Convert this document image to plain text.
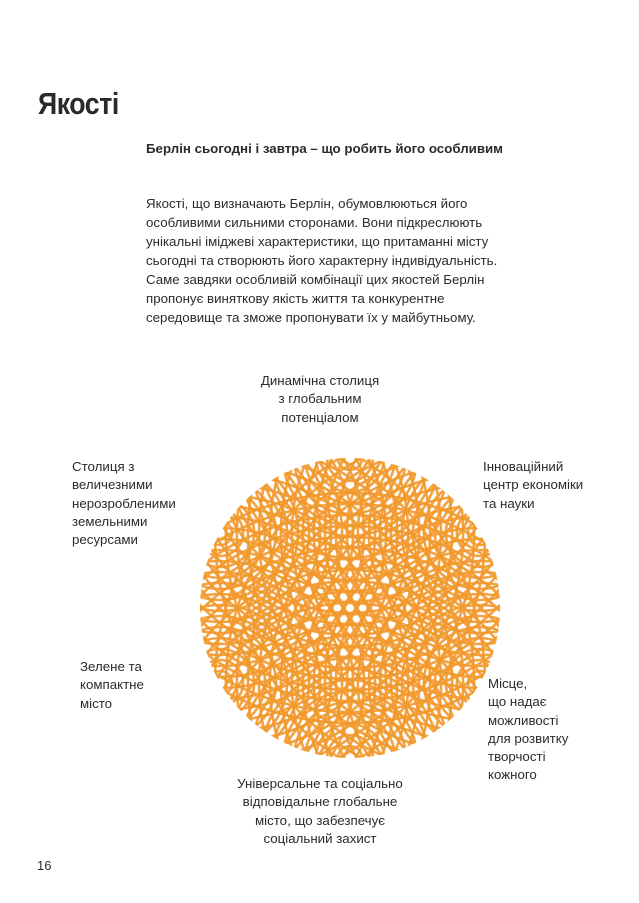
Якості
Берлін сьогодні і завтра – що робить його особливим
Якості, що визначають Берлін, обумовлюються його
особливими сильними сторонами. Вони підкреслюють
унікальні іміджеві характеристики, що притаманні місту
сьогодні та створюють його характерну індивідуальність.
Саме завдяки особливій комбінації цих якостей Берлін
пропонує виняткову якість життя та конкурентне
середовище та зможе пропонувати їх у майбутньому.
Динамічна столиця
з глобальним
потенціалом
Столиця з
величезними
нерозробленими
земельними
ресурсами
Інноваційний
центр економіки
та науки
Зелене та
компактне
місто
Місце,
що надає
можливості
для розвитку
творчості
кожного
Універсальне та соціально
відповідальне глобальне
місто, що забезпечує
соціальний захист
16
